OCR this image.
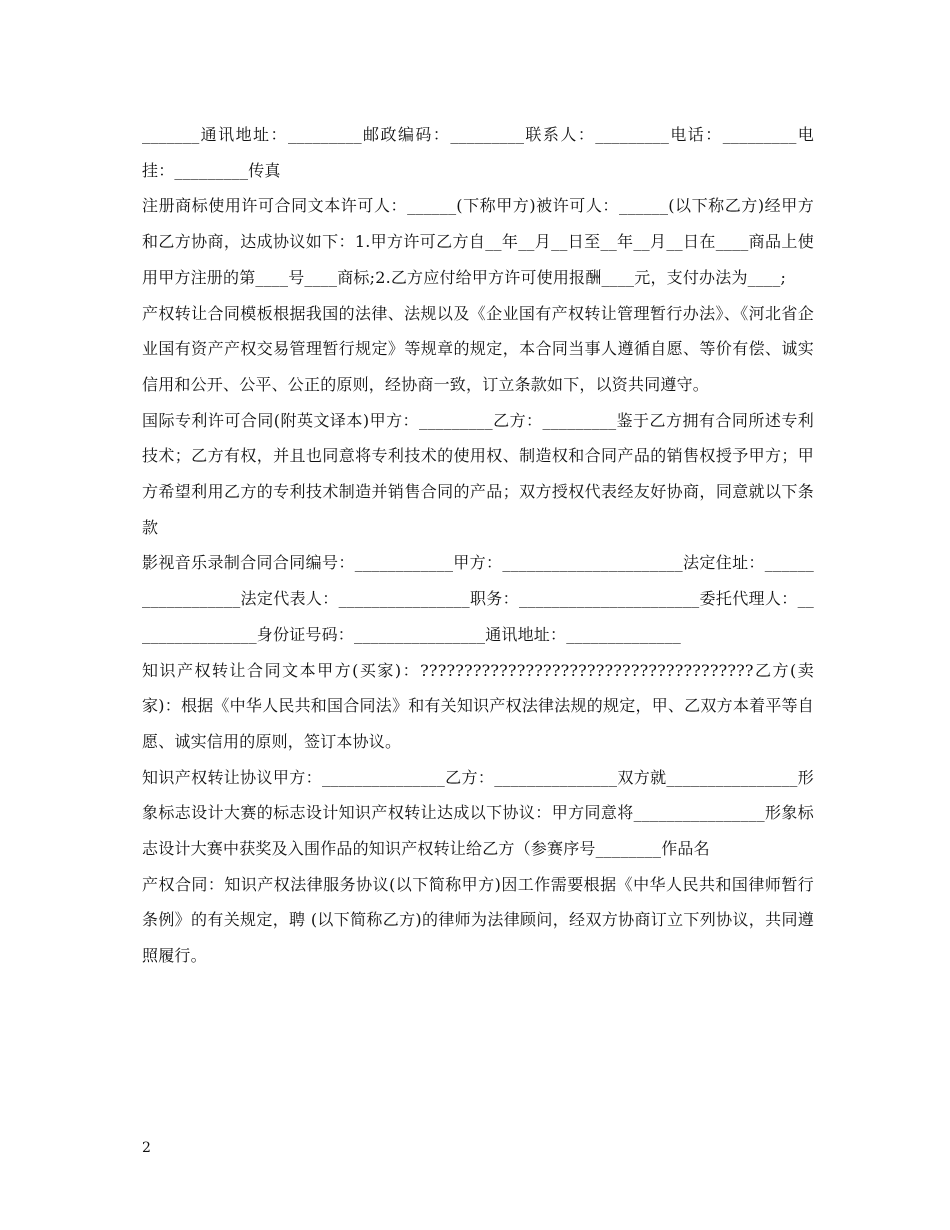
_______通讯地址：_________邮政编码：_________联系人：_________电话：_________电挂：_________传真

注册商标使用许可合同文本许可人：______(下称甲方)被许可人：______(以下称乙方)经甲方和乙方协商，达成协议如下：1.甲方许可乙方自__年__月__日至__年__月__日在____商品上使用甲方注册的第____号____商标;2.乙方应付给甲方许可使用报酬____元，支付办法为____;

产权转让合同模板根据我国的法律、法规以及《企业国有产权转让管理暂行办法》、《河北省企业国有资产产权交易管理暂行规定》等规章的规定，本合同当事人遵循自愿、等价有偿、诚实信用和公开、公平、公正的原则，经协商一致，订立条款如下，以资共同遵守。

国际专利许可合同(附英文译本)甲方：_________乙方：_________鉴于乙方拥有合同所述专利技术；乙方有权，并且也同意将专利技术的使用权、制造权和合同产品的销售权授予甲方；甲方希望利用乙方的专利技术制造并销售合同的产品；双方授权代表经友好协商，同意就以下条款

影视音乐录制合同合同编号：____________甲方：______________________法定住址：__________________法定代表人：________________职务：______________________委托代理人：________________身份证号码：________________通讯地址：______________

知识产权转让合同文本甲方(买家)：??????????????????????????????????????乙方(卖家)：根据《中华人民共和国合同法》和有关知识产权法律法规的规定，甲、乙双方本着平等自愿、诚实信用的原则，签订本协议。

知识产权转让协议甲方：_______________乙方：_______________双方就________________形象标志设计大赛的标志设计知识产权转让达成以下协议：甲方同意将________________形象标志设计大赛中获奖及入围作品的知识产权转让给乙方（参赛序号________作品名

产权合同：知识产权法律服务协议(以下简称甲方)因工作需要根据《中华人民共和国律师暂行条例》的有关规定，聘 (以下简称乙方)的律师为法律顾问，经双方协商订立下列协议，共同遵照履行。

2
